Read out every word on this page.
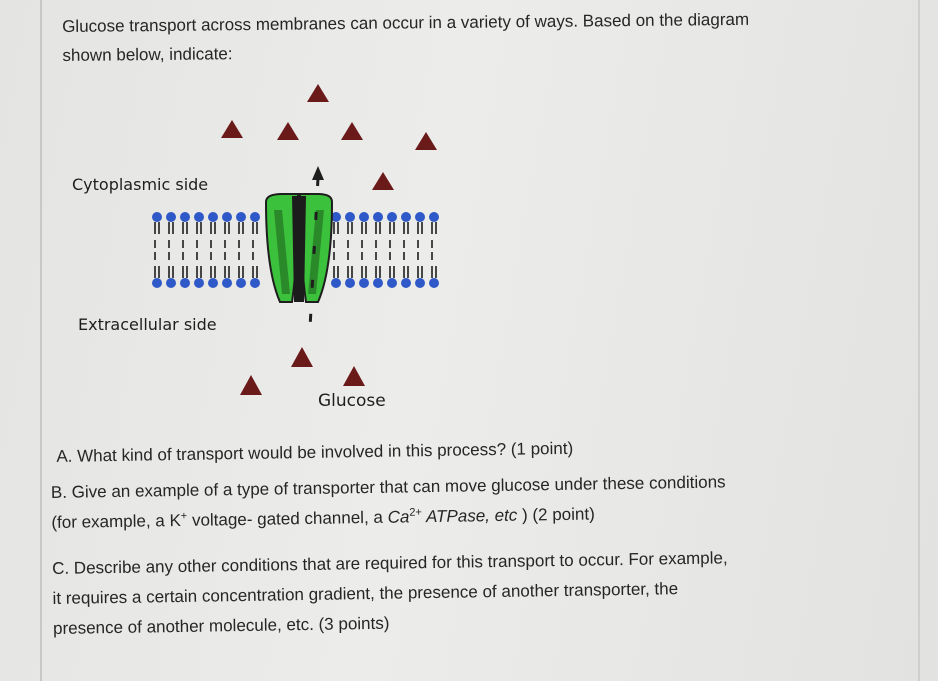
Glucose transport across membranes can occur in a variety of ways. Based on the diagram
shown below, indicate:
Cytoplasmic side
Extracellular side
Glucose
A. What kind of transport would be involved in this process? (1 point)
B. Give an example of a type of transporter that can move glucose under these conditions
(for example, a K+ voltage- gated channel, a $Ca^{2+}$ ATPase, etc ) (2 point)
C. Describe any other conditions that are required for this transport to occur. For example,
it requires a certain concentration gradient, the presence of another transporter, the
presence of another molecule, etc. (3 points)
